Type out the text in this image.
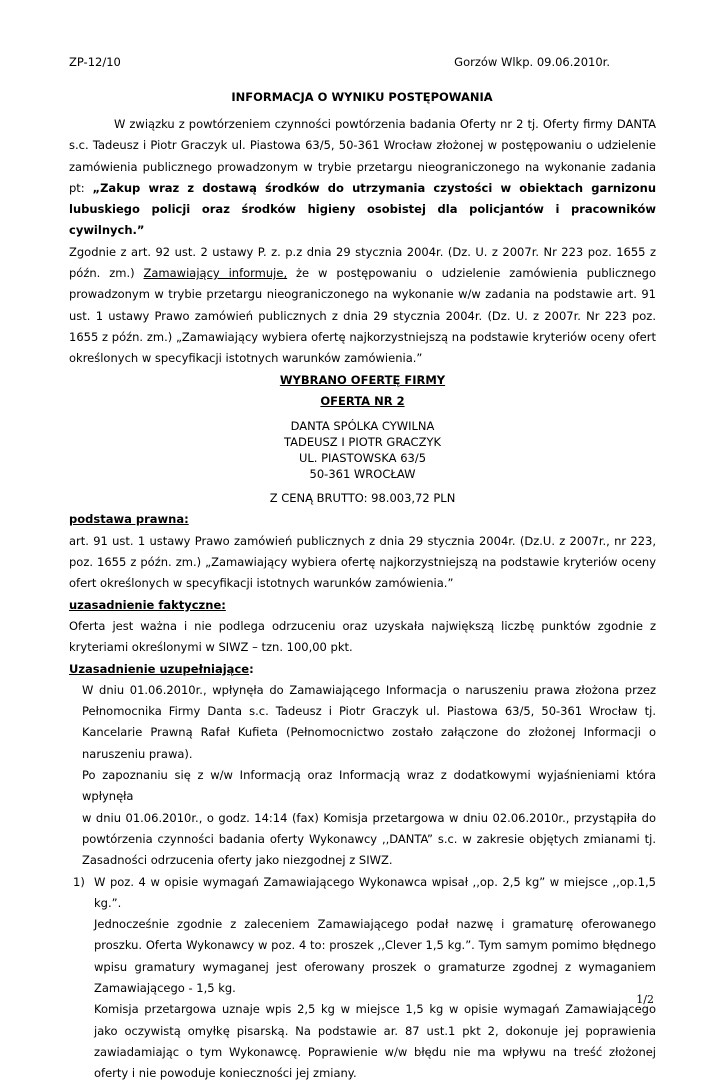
ZP-12/10	Gorzów Wlkp. 09.06.2010r.
INFORMACJA O WYNIKU POSTĘPOWANIA

W związku z powtórzeniem czynności powtórzenia badania Oferty nr 2 tj. Oferty firmy DANTA s.c. Tadeusz i Piotr Graczyk ul. Piastowa 63/5, 50-361 Wrocław złożonej w postępowaniu o udzielenie zamówienia publicznego prowadzonym w trybie przetargu nieograniczonego na wykonanie zadania pt: „Zakup wraz z dostawą środków do utrzymania czystości w obiektach garnizonu lubuskiego policji oraz środków higieny osobistej dla policjantów i pracowników cywilnych.”

Zgodnie z art. 92 ust. 2 ustawy P. z. p.z dnia 29 stycznia 2004r. (Dz. U. z 2007r. Nr 223 poz. 1655 z późn. zm.) Zamawiający informuje, że w postępowaniu o udzielenie zamówienia publicznego prowadzonym w trybie przetargu nieograniczonego na wykonanie w/w zadania na podstawie art. 91 ust. 1 ustawy Prawo zamówień publicznych z dnia 29 stycznia 2004r. (Dz. U. z 2007r. Nr 223 poz. 1655 z późn. zm.) „Zamawiający wybiera ofertę najkorzystniejszą na podstawie kryteriów oceny ofert określonych w specyfikacji istotnych warunków zamówienia.”

WYBRANO OFERTĘ FIRMY

OFERTA NR 2

DANTA SPÓLKA CYWILNA
TADEUSZ I PIOTR GRACZYK
UL. PIASTOWSKA 63/5
50-361 WROCŁAW

Z CENĄ BRUTTO: 98.003,72 PLN

podstawa prawna:

art. 91 ust. 1 ustawy Prawo zamówień publicznych z dnia 29 stycznia 2004r. (Dz.U. z 2007r., nr 223, poz. 1655 z późn. zm.) „Zamawiający wybiera ofertę najkorzystniejszą na podstawie kryteriów oceny ofert określonych w specyfikacji istotnych warunków zamówienia.”

uzasadnienie faktyczne:

Oferta jest ważna i nie podlega odrzuceniu oraz uzyskała największą liczbę punktów zgodnie z kryteriami określonymi w SIWZ – tzn. 100,00 pkt.

Uzasadnienie uzupełniające:

W dniu 01.06.2010r., wpłynęła do Zamawiającego Informacja o naruszeniu prawa złożona przez Pełnomocnika Firmy Danta s.c. Tadeusz i Piotr Graczyk ul. Piastowa 63/5, 50-361 Wrocław tj. Kancelarie Prawną Rafał Kufieta (Pełnomocnictwo zostało załączone do złożonej Informacji o naruszeniu prawa).

Po zapoznaniu się z w/w Informacją oraz Informacją wraz z dodatkowymi wyjaśnieniami która wpłynęła

w dniu 01.06.2010r., o godz. 14:14 (fax) Komisja przetargowa w dniu 02.06.2010r., przystąpiła do powtórzenia czynności badania oferty Wykonawcy ,,DANTA” s.c. w zakresie objętych zmianami tj. Zasadności odrzucenia oferty jako niezgodnej z SIWZ.

1) W poz. 4 w opisie wymagań Zamawiającego Wykonawca wpisał ,,op. 2,5 kg” w miejsce ,,op.1,5 kg.”.

Jednocześnie zgodnie z zaleceniem Zamawiającego podał nazwę i gramaturę oferowanego proszku. Oferta Wykonawcy w poz. 4 to: proszek ,,Clever 1,5 kg.”. Tym samym pomimo błędnego wpisu gramatury wymaganej jest oferowany proszek o gramaturze zgodnej z wymaganiem Zamawiającego - 1,5 kg.

Komisja przetargowa uznaje wpis 2,5 kg w miejsce 1,5 kg w opisie wymagań Zamawiającego jako oczywistą omyłkę pisarską. Na podstawie ar. 87 ust.1 pkt 2, dokonuje jej poprawienia zawiadamiając o tym Wykonawcę. Poprawienie w/w błędu nie ma wpływu na treść złożonej oferty i nie powoduje konieczności jej zmiany.

1/2
